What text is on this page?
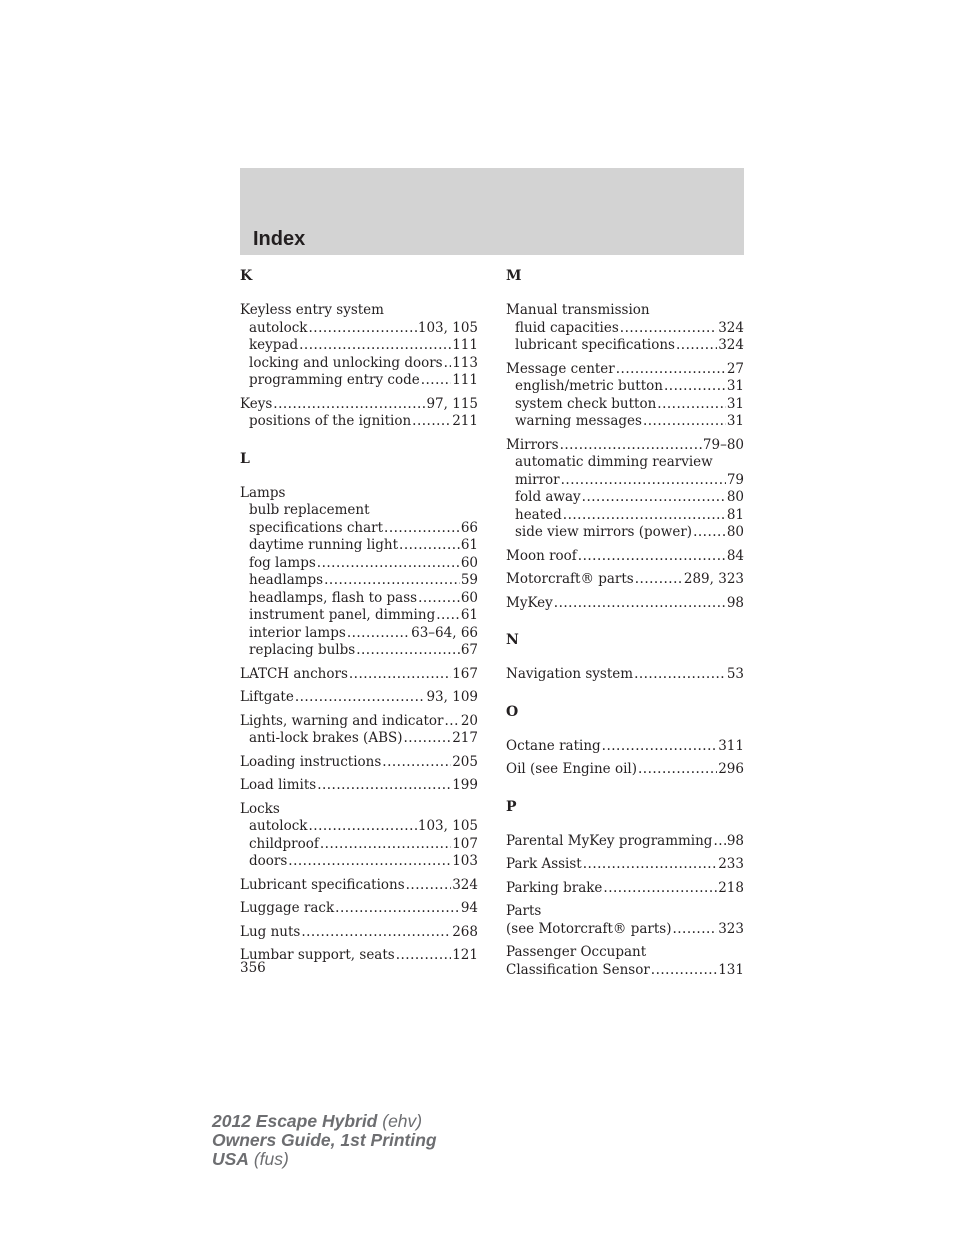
Index
K
Keyless entry system
autolock .....	103, 105
keypad .....	111
locking and unlocking doors ..... 113
programming entry code ..... 111
Keys .....	97, 115
positions of the ignition .....	211
L
Lamps
bulb replacement
specifications chart .....	66
daytime running light .....	61
fog lamps .....	60
headlamps .....	59
headlamps, flash to pass .....	60
instrument panel, dimming ..... 61
interior lamps .....	63–64, 66
replacing bulbs .....	67
LATCH anchors .....	167
Liftgate .....	93, 109
Lights, warning and indicator ..... 20
anti-lock brakes (ABS) .....	217
Loading instructions .....	205
Load limits .....	199
Locks
autolock .....	103, 105
childproof .....	107
doors .....	103
Lubricant specifications .....	324
Luggage rack .....	94
Lug nuts .....	268
Lumbar support, seats .....	121
M
Manual transmission
fluid capacities .....	324
lubricant specifications .....	324
Message center .....	27
english/metric button .....	31
system check button .....	31
warning messages .....	31
Mirrors .....	79–80
automatic dimming rearview
mirror .....	79
fold away .....	80
heated .....	81
side view mirrors (power) .....	80
Moon roof .....	84
Motorcraft® parts .....	289, 323
MyKey .....	98
N
Navigation system .....	53
O
Octane rating .....	311
Oil (see Engine oil) .....	296
P
Parental MyKey programming ..... 98
Park Assist .....	233
Parking brake .....	218
Parts
(see Motorcraft® parts) .....	323
Passenger Occupant
Classification Sensor .....	131
356
2012 Escape Hybrid (ehv)
Owners Guide, 1st Printing
USA (fus)
